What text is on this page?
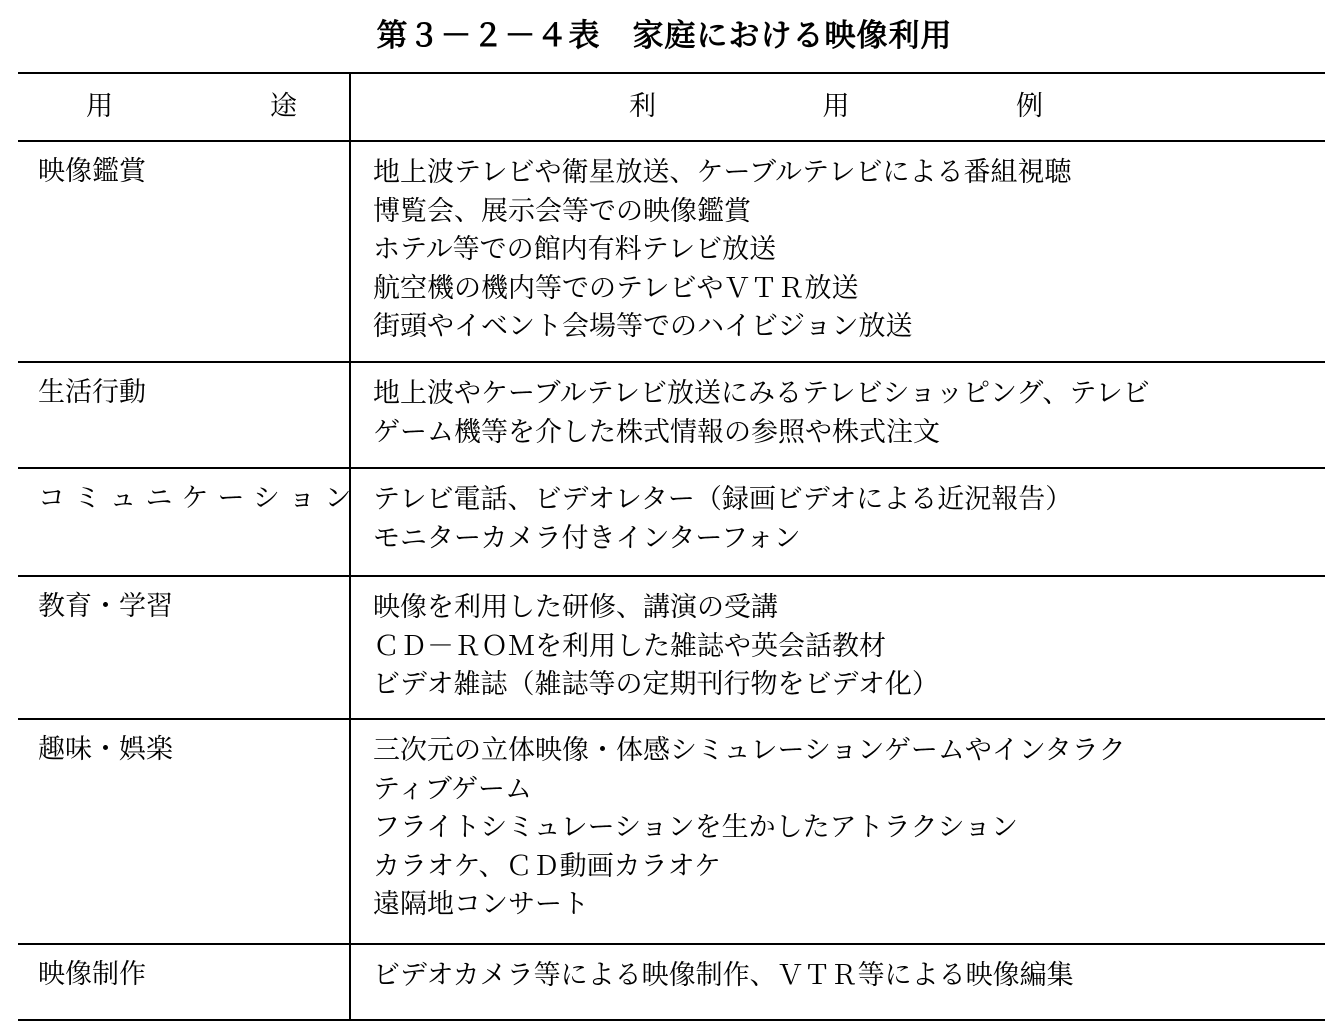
第３－２－４表　家庭における映像利用
用　途	利　用　例
映像鑑賞	地上波テレビや衛星放送、ケーブルテレビによる番組視聴
博覧会、展示会等での映像鑑賞
ホテル等での館内有料テレビ放送
航空機の機内等でのテレビやＶＴＲ放送
街頭やイベント会場等でのハイビジョン放送

生活行動	地上波やケーブルテレビ放送にみるテレビショッピング、テレビ
ゲーム機等を介した株式情報の参照や株式注文

コミュニケーション	テレビ電話、ビデオレター（録画ビデオによる近況報告）
モニターカメラ付きインターフォン

教育・学習	映像を利用した研修、講演の受講
ＣＤ－ＲＯＭを利用した雑誌や英会話教材
ビデオ雑誌（雑誌等の定期刊行物をビデオ化）

趣味・娯楽	三次元の立体映像・体感シミュレーションゲームやインタラク
ティブゲーム
フライトシミュレーションを生かしたアトラクション
カラオケ、ＣＤ動画カラオケ
遠隔地コンサート

映像制作	ビデオカメラ等による映像制作、ＶＴＲ等による映像編集
